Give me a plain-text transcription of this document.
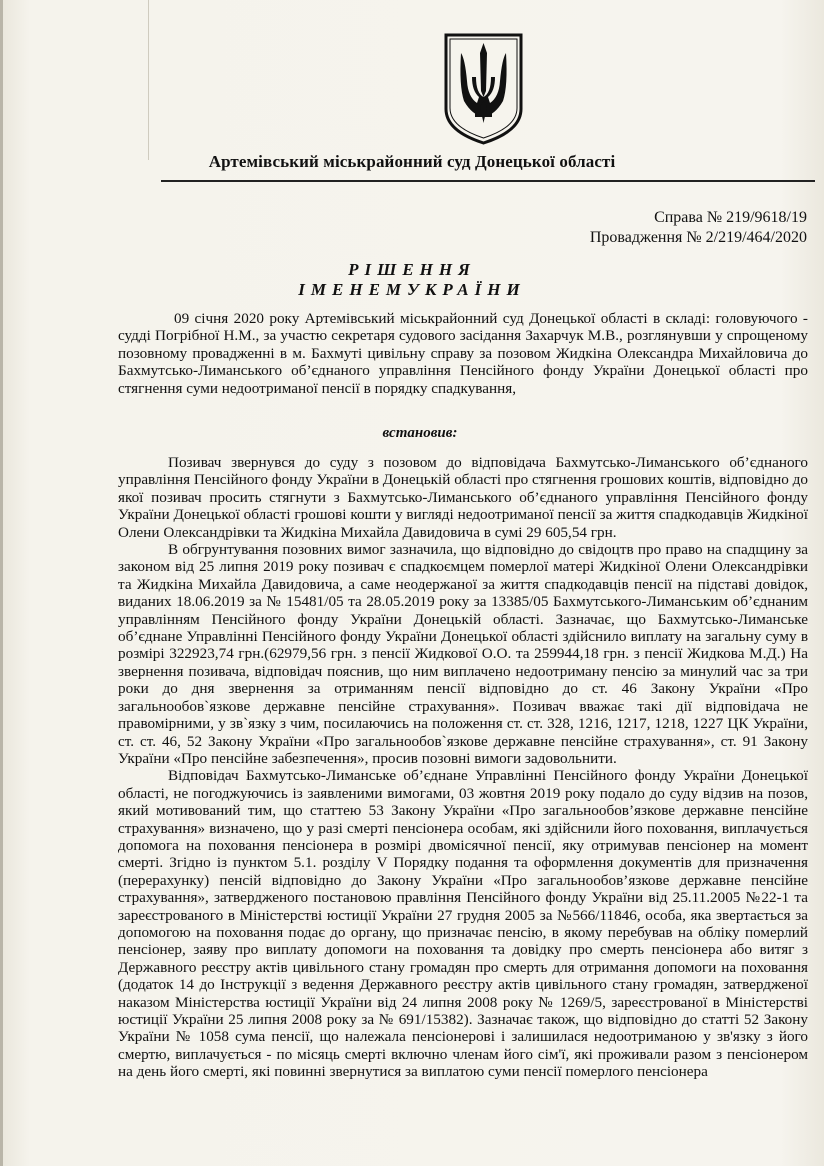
Артемівський міськрайонний суд Донецької області
Справа № 219/9618/19
Провадження № 2/219/464/2020
РІШЕННЯ
ІМЕНЕМУКРАЇНИ

09 січня 2020 року Артемівський міськрайонний суд Донецької області в складі: головуючого - судді Погрібної Н.М., за участю секретаря судового засідання Захарчук М.В., розглянувши у спрощеному позовному провадженні в м. Бахмуті цивільну справу за позовом Жидкіна Олександра Михайловича до Бахмутсько-Лиманського об’єднаного управління Пенсійного фонду України Донецької області про стягнення суми недоотриманої пенсії в порядку спадкування,

встановив:

Позивач звернувся до суду з позовом до відповідача Бахмутсько-Лиманського об’єднаного управління Пенсійного фонду України в Донецькій області про стягнення грошових коштів, відповідно до якої позивач просить стягнути з Бахмутсько-Лиманського об’єднаного управління Пенсійного фонду України Донецької області грошові кошти у вигляді недоотриманої пенсії за життя спадкодавців Жидкіної Олени Олександрівки та Жидкіна Михайла Давидовича в сумі 29 605,54 грн.

В обгрунтування позовних вимог зазначила, що відповідно до свідоцтв про право на спадщину за законом від 25 липня 2019 року позивач є спадкоємцем померлої матері Жидкіної Олени Олександрівки та Жидкіна Михайла Давидовича, а саме неодержаної за життя спадкодавців пенсії на підставі довідок, виданих 18.06.2019 за № 15481/05 та 28.05.2019 року за 13385/05 Бахмутського-Лиманським об’єднаним управлінням Пенсійного фонду України Донецькій області. Зазначає, що Бахмутсько-Лиманське об’єднане Управлінні Пенсійного фонду України Донецької області здійснило виплату на загальну суму в розмірі 322923,74 грн.(62979,56 грн. з пенсії Жидкової О.О. та 259944,18 грн. з пенсії Жидкова М.Д.) На звернення позивача, відповідач пояснив, що ним виплачено недоотриману пенсію за минулий час за три роки до дня звернення за отриманням пенсії відповідно до ст. 46 Закону України «Про загальнообов`язкове державне пенсійне страхування». Позивач вважає такі дії відповідача не правомірними, у зв`язку з чим, посилаючись на положення ст. ст. 328, 1216, 1217, 1218, 1227 ЦК України, ст. ст. 46, 52 Закону України «Про загальнообов`язкове державне пенсійне страхування», ст. 91 Закону України «Про пенсійне забезпечення», просив позовні вимоги задовольнити.

Відповідач Бахмутсько-Лиманське об’єднане Управлінні Пенсійного фонду України Донецької області, не погоджуючись із заявленими вимогами, 03 жовтня 2019 року подало до суду відзив на позов, який мотивований тим, що статтею 53 Закону України «Про загальнообов’язкове державне пенсійне страхування» визначено, що у разі смерті пенсіонера особам, які здійснили його поховання, виплачується допомога на поховання пенсіонера в розмірі двомісячної пенсії, яку отримував пенсіонер на момент смерті. Згідно із пунктом 5.1. розділу V Порядку подання та оформлення документів для призначення (перерахунку) пенсій відповідно до Закону України «Про загальнообов’язкове державне пенсійне страхування», затвердженого постановою правління Пенсійного фонду України від 25.11.2005 №22-1 та зареєстрованого в Міністерстві юстиції України 27 грудня 2005 за №566/11846, особа, яка звертається за допомогою на поховання подає до органу, що призначає пенсію, в якому перебував на обліку померлий пенсіонер, заяву про виплату допомоги на поховання та довідку про смерть пенсіонера або витяг з Державного реєстру актів цивільного стану громадян про смерть для отримання допомоги на поховання (додаток 14 до Інструкції з ведення Державного реєстру актів цивільного стану громадян, затвердженої наказом Міністерства юстиції України від 24 липня 2008 року № 1269/5, зареєстрованої в Міністерстві юстиції України 25 липня 2008 року за № 691/15382). Зазначає також, що відповідно до статті 52 Закону України № 1058 сума пенсії, що належала пенсіонерові і залишилася недоотриманою у зв'язку з його смертю, виплачується - по місяць смерті включно членам його сім'ї, які проживали разом з пенсіонером на день його смерті, які повинні звернутися за виплатою суми пенсії померлого пенсіонера
